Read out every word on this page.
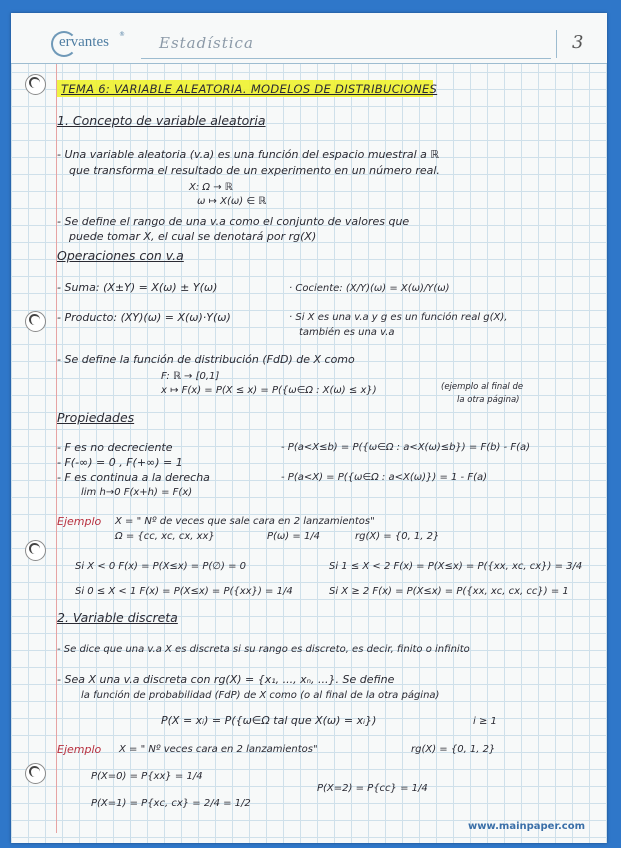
ervantes ® Estadística	3
TEMA 6: VARIABLE ALEATORIA. MODELOS DE DISTRIBUCIONES
1. Concepto de variable aleatoria
- Una variable aleatoria (v.a) es una función del espacio muestral a ℝ
que transforma el resultado de un experimento en un número real.
X: Ω → ℝ
ω ↦ X(ω) ∈ ℝ
- Se define el rango de una v.a como el conjunto de valores que
puede tomar X, el cual se denotará por rg(X)
Operaciones con v.a
- Suma: (X±Y) = X(ω) ± Y(ω)	· Cociente: (X/Y)(ω) = X(ω)/Y(ω)
- Producto: (XY)(ω) = X(ω)·Y(ω)	· Si X es una v.a y g es un función real g(X),
también es una v.a
- Se define la función de distribución (FdD) de X como
F: ℝ → [0,1]
x ↦ F(x) = P(X ≤ x) = P({ω∈Ω : X(ω) ≤ x})	(ejemplo al final de
la otra página)
Propiedades
- F es no decreciente	- P(a<X≤b) = P({ω∈Ω : a<X(ω)≤b}) = F(b) - F(a)
- F(-∞) = 0 , F(+∞) = 1
- F es continua a la derecha	- P(a<X) = P({ω∈Ω : a<X(ω)}) = 1 - F(a)
lim h→0 F(x+h) = F(x)
Ejemplo X = " Nº de veces que sale cara en 2 lanzamientos"
Ω = {cc, xc, cx, xx}	P(ω) = 1/4	rg(X) = {0, 1, 2}
Si X < 0 F(x) = P(X≤x) = P(∅) = 0	Si 1 ≤ X < 2 F(x) = P(X≤x) = P({xx, xc, cx}) = 3/4
Si 0 ≤ X < 1 F(x) = P(X≤x) = P({xx}) = 1/4	Si X ≥ 2 F(x) = P(X≤x) = P({xx, xc, cx, cc}) = 1
2. Variable discreta
- Se dice que una v.a X es discreta si su rango es discreto, es decir, finito o infinito
- Sea X una v.a discreta con rg(X) = {x₁, ..., xₙ, ...}. Se define
la función de probabilidad (FdP) de X como (o al final de la otra página)
P(X = xᵢ) = P({ω∈Ω tal que X(ω) = xᵢ})	i ≥ 1
Ejemplo X = " Nº veces cara en 2 lanzamientos"	rg(X) = {0, 1, 2}
P(X=0) = P{xx} = 1/4
P(X=2) = P{cc} = 1/4
P(X=1) = P{xc, cx} = 2/4 = 1/2
www.mainpaper.com
